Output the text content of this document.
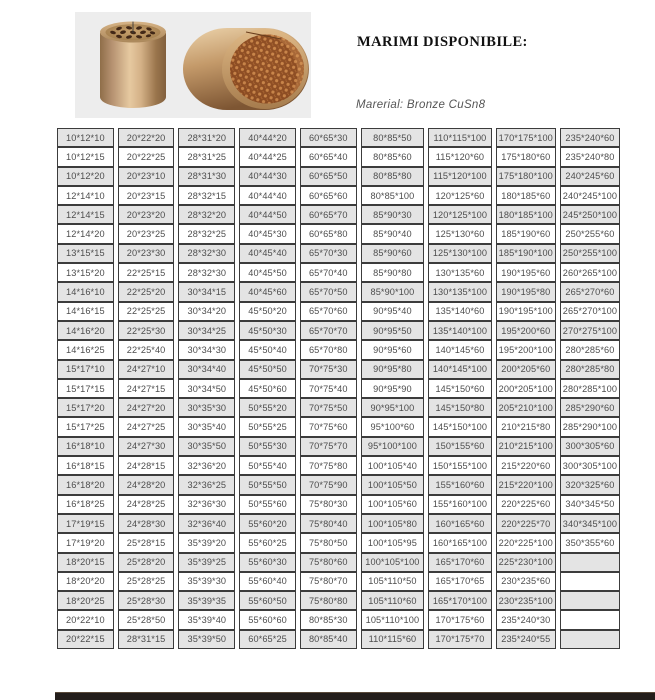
MARIMI DISPONIBILE:
Marerial: Bronze CuSn8
10*12*10	20*22*20	28*31*20	40*44*20	60*65*30	80*85*50	110*115*100	170*175*100	235*240*60
10*12*15	20*22*25	28*31*25	40*44*25	60*65*40	80*85*60	115*120*60	175*180*60	235*240*80
10*12*20	20*23*10	28*31*30	40*44*30	60*65*50	80*85*80	115*120*100	175*180*100	240*245*60
12*14*10	20*23*15	28*32*15	40*44*40	60*65*60	80*85*100	120*125*60	180*185*60	240*245*100
12*14*15	20*23*20	28*32*20	40*44*50	60*65*70	85*90*30	120*125*100	180*185*100	245*250*100
12*14*20	20*23*25	28*32*25	40*45*30	60*65*80	85*90*40	125*130*60	185*190*60	250*255*60
13*15*15	20*23*30	28*32*30	40*45*40	65*70*30	85*90*60	125*130*100	185*190*100	250*255*100
13*15*20	22*25*15	28*32*30	40*45*50	65*70*40	85*90*80	130*135*60	190*195*60	260*265*100
14*16*10	22*25*20	30*34*15	40*45*60	65*70*50	85*90*100	130*135*100	190*195*80	265*270*60
14*16*15	22*25*25	30*34*20	45*50*20	65*70*60	90*95*40	135*140*60	190*195*100	265*270*100
14*16*20	22*25*30	30*34*25	45*50*30	65*70*70	90*95*50	135*140*100	195*200*60	270*275*100
14*16*25	22*25*40	30*34*30	45*50*40	65*70*80	90*95*60	140*145*60	195*200*100	280*285*60
15*17*10	24*27*10	30*34*40	45*50*50	70*75*30	90*95*80	140*145*100	200*205*60	280*285*80
15*17*15	24*27*15	30*34*50	45*50*60	70*75*40	90*95*90	145*150*60	200*205*100	280*285*100
15*17*20	24*27*20	30*35*30	50*55*20	70*75*50	90*95*100	145*150*80	205*210*100	285*290*60
15*17*25	24*27*25	30*35*40	50*55*25	70*75*60	95*100*60	145*150*100	210*215*80	285*290*100
16*18*10	24*27*30	30*35*50	50*55*30	70*75*70	95*100*100	150*155*60	210*215*100	300*305*60
16*18*15	24*28*15	32*36*20	50*55*40	70*75*80	100*105*40	150*155*100	215*220*60	300*305*100
16*18*20	24*28*20	32*36*25	50*55*50	70*75*90	100*105*50	155*160*60	215*220*100	320*325*60
16*18*25	24*28*25	32*36*30	50*55*60	75*80*30	100*105*60	155*160*100	220*225*60	340*345*50
17*19*15	24*28*30	32*36*40	55*60*20	75*80*40	100*105*80	160*165*60	220*225*70	340*345*100
17*19*20	25*28*15	35*39*20	55*60*25	75*80*50	100*105*95	160*165*100	220*225*100	350*355*60
18*20*15	25*28*20	35*39*25	55*60*30	75*80*60	100*105*100	165*170*60	225*230*100
18*20*20	25*28*25	35*39*30	55*60*40	75*80*70	105*110*50	165*170*65	230*235*60
18*20*25	25*28*30	35*39*35	55*60*50	75*80*80	105*110*60	165*170*100	230*235*100
20*22*10	25*28*50	35*39*40	55*60*60	80*85*30	105*110*100	170*175*60	235*240*30
20*22*15	28*31*15	35*39*50	60*65*25	80*85*40	110*115*60	170*175*70	235*240*55
